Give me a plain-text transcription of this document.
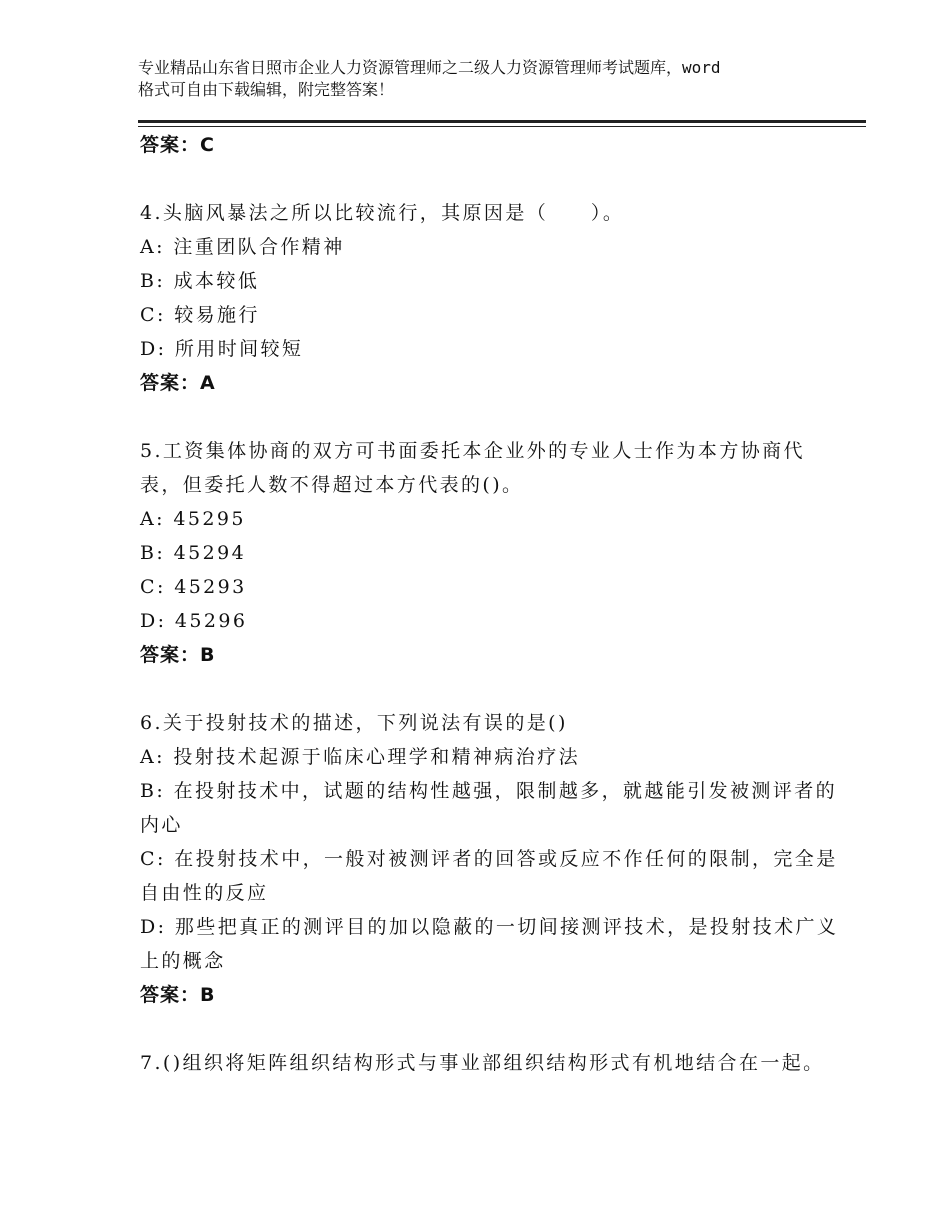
专业精品山东省日照市企业人力资源管理师之二级人力资源管理师考试题库，word
格式可自由下载编辑，附完整答案！
答案：C
4.头脑风暴法之所以比较流行，其原因是（　　）。
A: 注重团队合作精神
B: 成本较低
C: 较易施行
D: 所用时间较短
答案：A
5.工资集体协商的双方可书面委托本企业外的专业人士作为本方协商代表，但委托人数不得超过本方代表的()。
A: 45295
B: 45294
C: 45293
D: 45296
答案：B
6.关于投射技术的描述，下列说法有误的是()
A: 投射技术起源于临床心理学和精神病治疗法
B: 在投射技术中，试题的结构性越强，限制越多，就越能引发被测评者的内心
C: 在投射技术中，一般对被测评者的回答或反应不作任何的限制，完全是自由性的反应
D: 那些把真正的测评目的加以隐蔽的一切间接测评技术，是投射技术广义上的概念
答案：B
7.()组织将矩阵组织结构形式与事业部组织结构形式有机地结合在一起。
